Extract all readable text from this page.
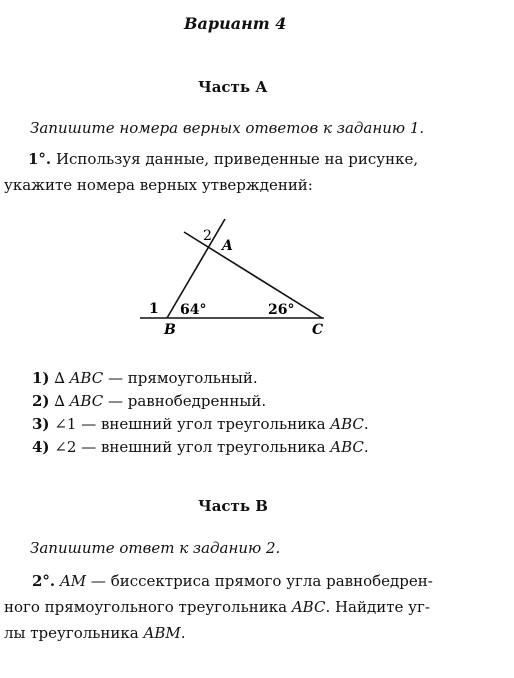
Вариант 4
Часть А
Запишите номера верных ответов к заданию 1.
1°. Используя данные, приведенные на рисунке,
укажите номера верных утверждений:
2
A
1 64°	26°
B	C
1) ∆ ABC — прямоугольный.
2) ∆ ABC — равнобедренный.
3) ∠1 — внешний угол треугольника ABC.
4) ∠2 — внешний угол треугольника ABC.
Часть В
Запишите ответ к заданию 2.
2°. AM — биссектриса прямого угла равнобедрен-
ного прямоугольного треугольника ABC. Найдите уг-
лы треугольника ABM.
